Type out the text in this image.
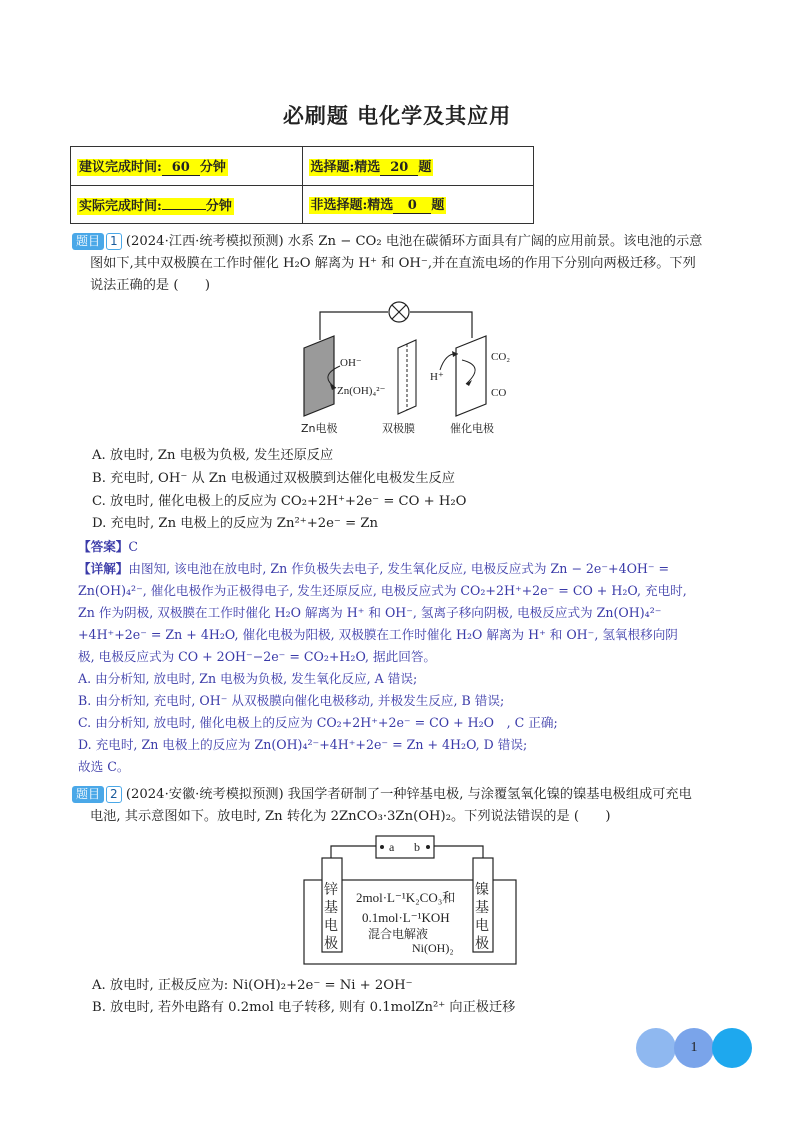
必刷题 电化学及其应用
建议完成时间: 60 分钟	选择题:精选 20 题
实际完成时间: 分钟	非选择题:精选 0 题
题目 1 (2024·江西·统考模拟预测) 水系 Zn − CO₂ 电池在碳循环方面具有广阔的应用前景。该电池的示意
图如下,其中双极膜在工作时催化 H₂O 解离为 H⁺ 和 OH⁻,并在直流电场的作用下分别向两极迁移。下列
说法正确的是 (　　)
OH⁻
Zn(OH)₄²⁻
H⁺
CO₂
CO
Zn电极	双极膜	催化电极
A. 放电时, Zn 电极为负极, 发生还原反应
B. 充电时, OH⁻ 从 Zn 电极通过双极膜到达催化电极发生反应
C. 放电时, 催化电极上的反应为 CO₂+2H⁺+2e⁻ = CO + H₂O
D. 充电时, Zn 电极上的反应为 Zn²⁺+2e⁻ = Zn
【答案】C
【详解】由图知, 该电池在放电时, Zn 作负极失去电子, 发生氧化反应, 电极反应式为 Zn − 2e⁻+4OH⁻ =
Zn(OH)₄²⁻, 催化电极作为正极得电子, 发生还原反应, 电极反应式为 CO₂+2H⁺+2e⁻ = CO + H₂O, 充电时,
Zn 作为阴极, 双极膜在工作时催化 H₂O 解离为 H⁺ 和 OH⁻, 氢离子移向阴极, 电极反应式为 Zn(OH)₄²⁻
+4H⁺+2e⁻ = Zn + 4H₂O, 催化电极为阳极, 双极膜在工作时催化 H₂O 解离为 H⁺ 和 OH⁻, 氢氧根移向阴
极, 电极反应式为 CO + 2OH⁻−2e⁻ = CO₂+H₂O, 据此回答。
A. 由分析知, 放电时, Zn 电极为负极, 发生氧化反应, A 错误;
B. 由分析知, 充电时, OH⁻ 从双极膜向催化电极移动, 并极发生反应, B 错误;
C. 由分析知, 放电时, 催化电极上的反应为 CO₂+2H⁺+2e⁻ = CO + H₂O　, C 正确;
D. 充电时, Zn 电极上的反应为 Zn(OH)₄²⁻+4H⁺+2e⁻ = Zn + 4H₂O, D 错误;
故选 C。
题目 2 (2024·安徽·统考模拟预测) 我国学者研制了一种锌基电极, 与涂覆氢氧化镍的镍基电极组成可充电
电池, 其示意图如下。放电时, Zn 转化为 2ZnCO₃·3Zn(OH)₂。下列说法错误的是 (　　)
a b
锌
基
电
极
镍
基
电
极
2mol·L⁻¹K₂CO₃和
0.1mol·L⁻¹KOH
混合电解液
Ni(OH)₂
A. 放电时, 正极反应为: Ni(OH)₂+2e⁻ = Ni + 2OH⁻
B. 放电时, 若外电路有 0.2mol 电子转移, 则有 0.1molZn²⁺ 向正极迁移
1
